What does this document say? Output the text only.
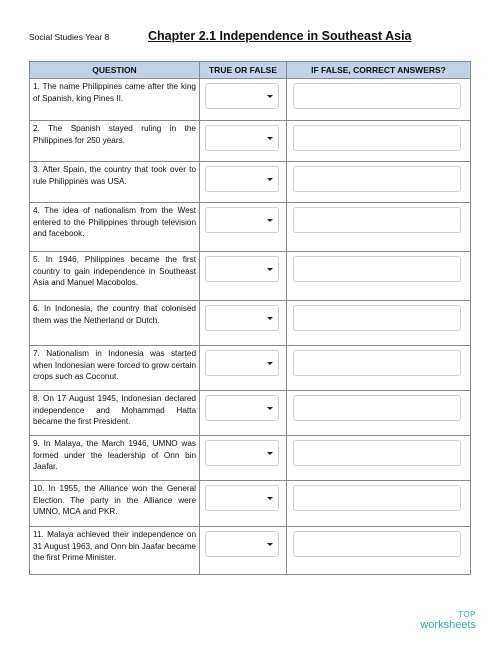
Social Studies Year 8	Chapter 2.1 Independence in Southeast Asia
QUESTION	TRUE OR FALSE	IF FALSE, CORRECT ANSWERS?
1. The name Philippines came after the king of Spanish, king Pines II.	

2. The Spanish stayed ruling in the Philippines for 250 years.	

3. After Spain, the country that took over to rule Philippines was USA.	

4. The idea of nationalism from the West entered to the Philippines through television and facebook.	

5. In 1946, Philippines became the first country to gain independence in Southeast Asia and Manuel Macobolos.	

6. In Indonesia, the country that colonised them was the Netherland or Dutch.	

7. Nationalism in Indonesia was started when Indonesian were forced to grow certain crops such as Coconut.	

8. On 17 August 1945, Indonesian declared independence and Mohammad Hatta became the first President.	

9. In Malaya, the March 1946, UMNO was formed under the leadership of Onn bin Jaafar.	

10. In 1955, the Alliance won the General Election. The party in the Alliance were UMNO, MCA and PKR.	

11. Malaya achieved their independence on 31 August 1963, and Onn bin Jaafar became the first Prime Minister.	

TOP
worksheets
